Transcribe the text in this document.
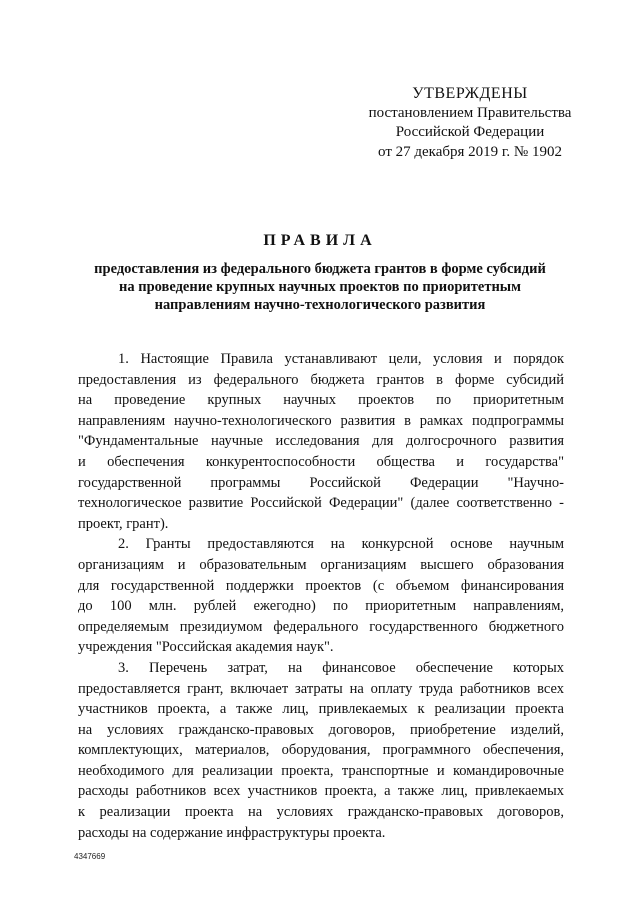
УТВЕРЖДЕНЫ
постановлением Правительства
Российской Федерации
от 27 декабря 2019 г. № 1902
ПРАВИЛА
предоставления из федерального бюджета грантов в форме субсидий
на проведение крупных научных проектов по приоритетным
направлениям научно-технологического развития
1. Настоящие Правила устанавливают цели, условия и порядок
предоставления из федерального бюджета грантов в форме субсидий
на проведение крупных научных проектов по приоритетным
направлениям научно-технологического развития в рамках подпрограммы
"Фундаментальные научные исследования для долгосрочного развития
и обеспечения конкурентоспособности общества и государства"
государственной программы Российской Федерации "Научно-
технологическое развитие Российской Федерации" (далее соответственно -
проект, грант).
2. Гранты предоставляются на конкурсной основе научным
организациям и образовательным организациям высшего образования
для государственной поддержки проектов (с объемом финансирования
до 100 млн. рублей ежегодно) по приоритетным направлениям,
определяемым президиумом федерального государственного бюджетного
учреждения "Российская академия наук".
3. Перечень затрат, на финансовое обеспечение которых
предоставляется грант, включает затраты на оплату труда работников всех
участников проекта, а также лиц, привлекаемых к реализации проекта
на условиях гражданско-правовых договоров, приобретение изделий,
комплектующих, материалов, оборудования, программного обеспечения,
необходимого для реализации проекта, транспортные и командировочные
расходы работников всех участников проекта, а также лиц, привлекаемых
к реализации проекта на условиях гражданско-правовых договоров,
расходы на содержание инфраструктуры проекта.
4347669
